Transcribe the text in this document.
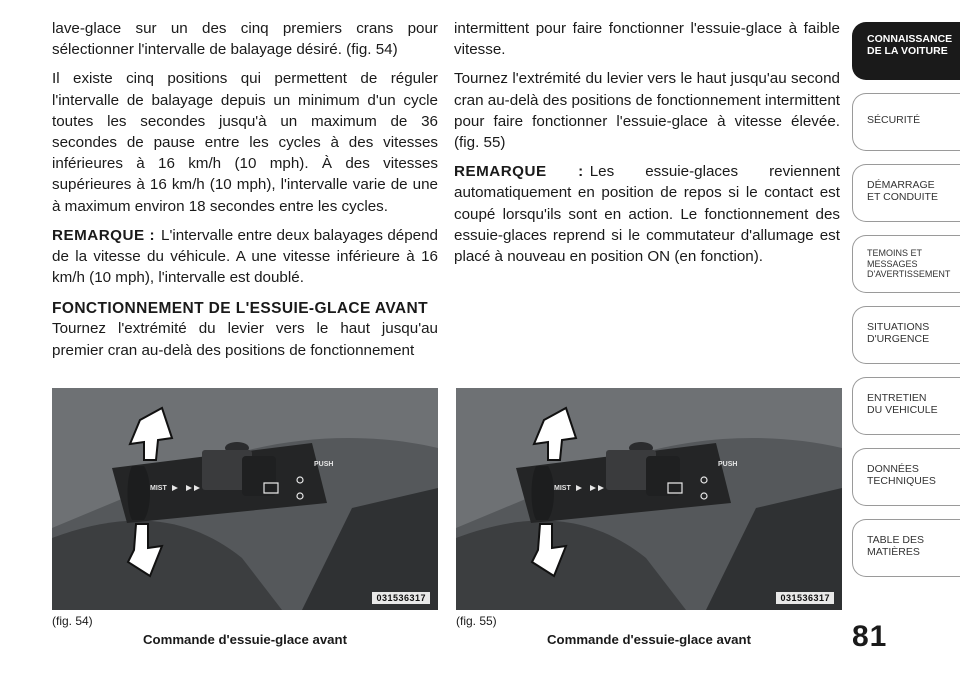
lave-glace sur un des cinq premiers crans pour sélectionner l'intervalle de balayage désiré. (fig. 54)

Il existe cinq positions qui permettent de réguler l'intervalle de balayage depuis un minimum d'un cycle toutes les secondes jusqu'à un maximum de 36 secondes de pause entre les cycles à des vitesses inférieures à 16 km/h (10 mph). À des vitesses supérieures à 16 km/h (10 mph), l'intervalle varie de une à maximum environ 18 secondes entre les cycles.

REMARQUE : L'intervalle entre deux balayages dépend de la vitesse du véhicule. A une vitesse inférieure à 16 km/h (10 mph), l'intervalle est doublé.

FONCTIONNEMENT DE L'ESSUIE-GLACE AVANT

Tournez l'extrémité du levier vers le haut jusqu'au premier cran au-delà des positions de fonctionnement

intermittent pour faire fonctionner l'essuie-glace à faible vitesse.

Tournez l'extrémité du levier vers le haut jusqu'au second cran au-delà des positions de fonctionnement intermittent pour faire fonctionner l'essuie-glace à vitesse élevée. (fig. 55)

REMARQUE : Les essuie-glaces reviennent automatiquement en position de repos si le contact est coupé lorsqu'ils sont en action. Le fonctionnement des essuie-glaces reprend si le commutateur d'allumage est placé à nouveau en position ON (en fonction).

MIST
PUSH
031536317
MIST
PUSH
031536317
(fig. 54)	(fig. 55)
Commande d'essuie-glace avant	Commande d'essuie-glace avant	81
CONNAISSANCE
DE LA VOITURE
SÉCURITÉ
DÉMARRAGE
ET CONDUITE
TEMOINS ET
MESSAGES
D'AVERTISSEMENT
SITUATIONS
D'URGENCE
ENTRETIEN
DU VEHICULE
DONNÉES
TECHNIQUES
TABLE DES
MATIÈRES
